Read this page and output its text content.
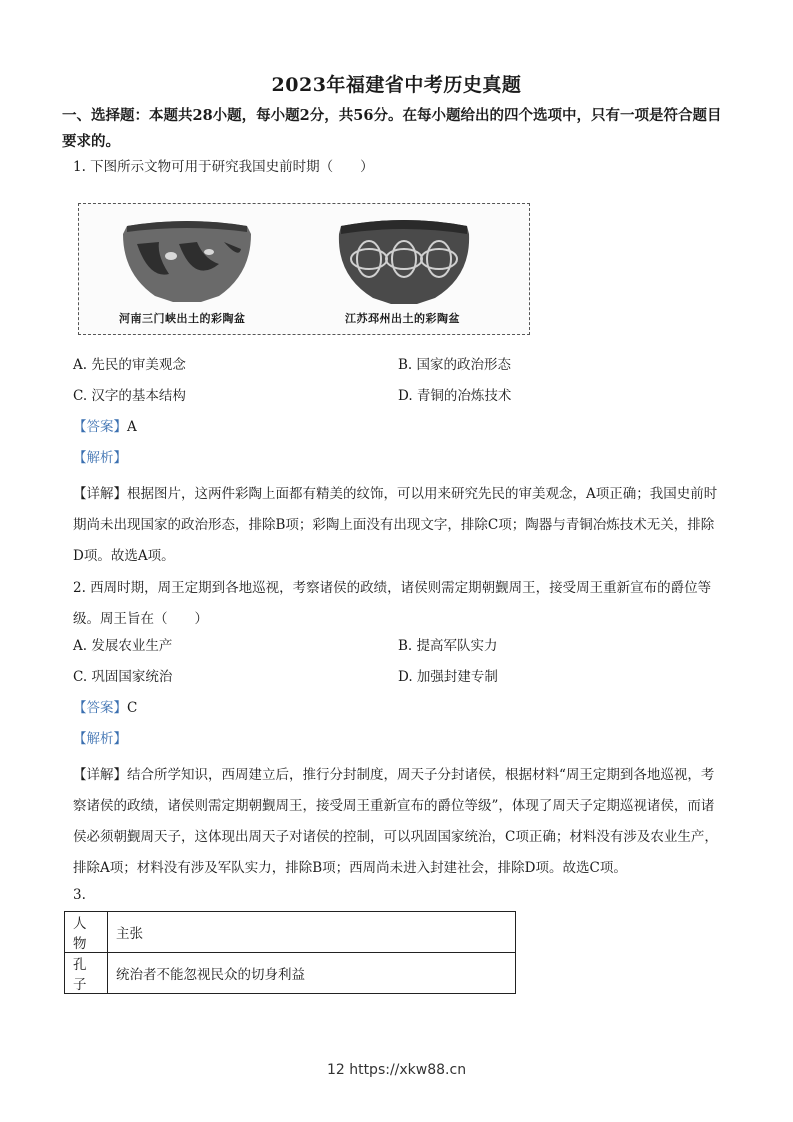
2023年福建省中考历史真题
一、选择题：本题共28小题，每小题2分，共56分。在每小题给出的四个选项中，只有一项是符合题目要求的。
1. 下图所示文物可用于研究我国史前时期（　　）
河南三门峡出土的彩陶盆	江苏邳州出土的彩陶盆
A. 先民的审美观念	B. 国家的政治形态
C. 汉字的基本结构	D. 青铜的冶炼技术
【答案】A
【解析】
【详解】根据图片，这两件彩陶上面都有精美的纹饰，可以用来研究先民的审美观念，A项正确；我国史前时期尚未出现国家的政治形态，排除B项；彩陶上面没有出现文字，排除C项；陶器与青铜冶炼技术无关，排除D项。故选A项。
2. 西周时期，周王定期到各地巡视，考察诸侯的政绩，诸侯则需定期朝觐周王，接受周王重新宣布的爵位等级。周王旨在（　　）
A. 发展农业生产	B. 提高军队实力
C. 巩固国家统治	D. 加强封建专制
【答案】C
【解析】
【详解】结合所学知识，西周建立后，推行分封制度，周天子分封诸侯，根据材料“周王定期到各地巡视，考察诸侯的政绩，诸侯则需定期朝觐周王，接受周王重新宣布的爵位等级”，体现了周天子定期巡视诸侯，而诸侯必须朝觐周天子，这体现出周天子对诸侯的控制，可以巩固国家统治，C项正确；材料没有涉及农业生产，排除A项；材料没有涉及军队实力，排除B项；西周尚未进入封建社会，排除D项。故选C项。
3.
人物	主张
孔子	统治者不能忽视民众的切身利益
12 https://xkw88.cn
